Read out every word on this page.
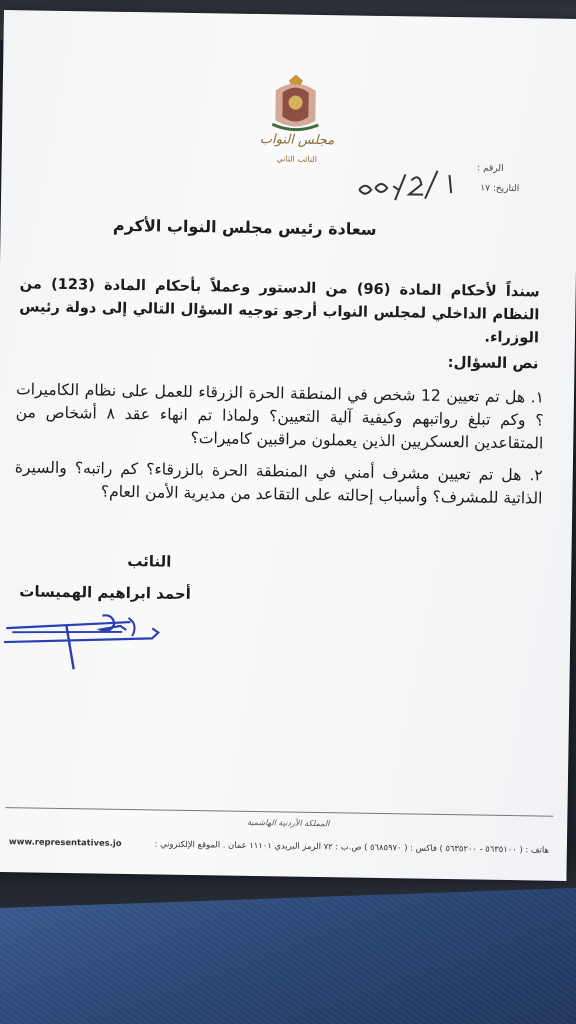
مجلس النواب
النائب الثاني
الرقم :
التاريخ: ١٧
سعادة رئيس مجلس النواب الأكرم
سنداً لأحكام المادة (96) من الدستور وعملاً بأحكام المادة (123) من النظام الداخلي لمجلس النواب أرجو توجيه السؤال التالي إلى دولة رئيس الوزراء.
نص السؤال:
١. هل تم تعيين 12 شخص في المنطقة الحرة الزرقاء للعمل على نظام الكاميرات ؟ وكم تبلغ رواتبهم وكيفية آلية التعيين؟ ولماذا تم انهاء عقد ٨ أشخاص من المتقاعدين العسكريين الذين يعملون مراقبين كاميرات؟
٢. هل تم تعيين مشرف أمني في المنطقة الحرة بالزرقاء؟ كم راتبه؟ والسيرة الذاتية للمشرف؟ وأسباب إحالته على التقاعد من مديرية الأمن العام؟
النائب
أحمد ابراهيم الهميسات
المملكة الأردنية الهاشمية
هاتف : ( ٥٦٣٥١٠٠ - ٥٦٣٥٢٠٠ ) فاكس : ( ٥٦٨٥٩٧٠ ) ص.ب : ٧٢ الرمز البريدي ١١١٠١ عمان . الموقع الإلكتروني :
www.representatives.jo
